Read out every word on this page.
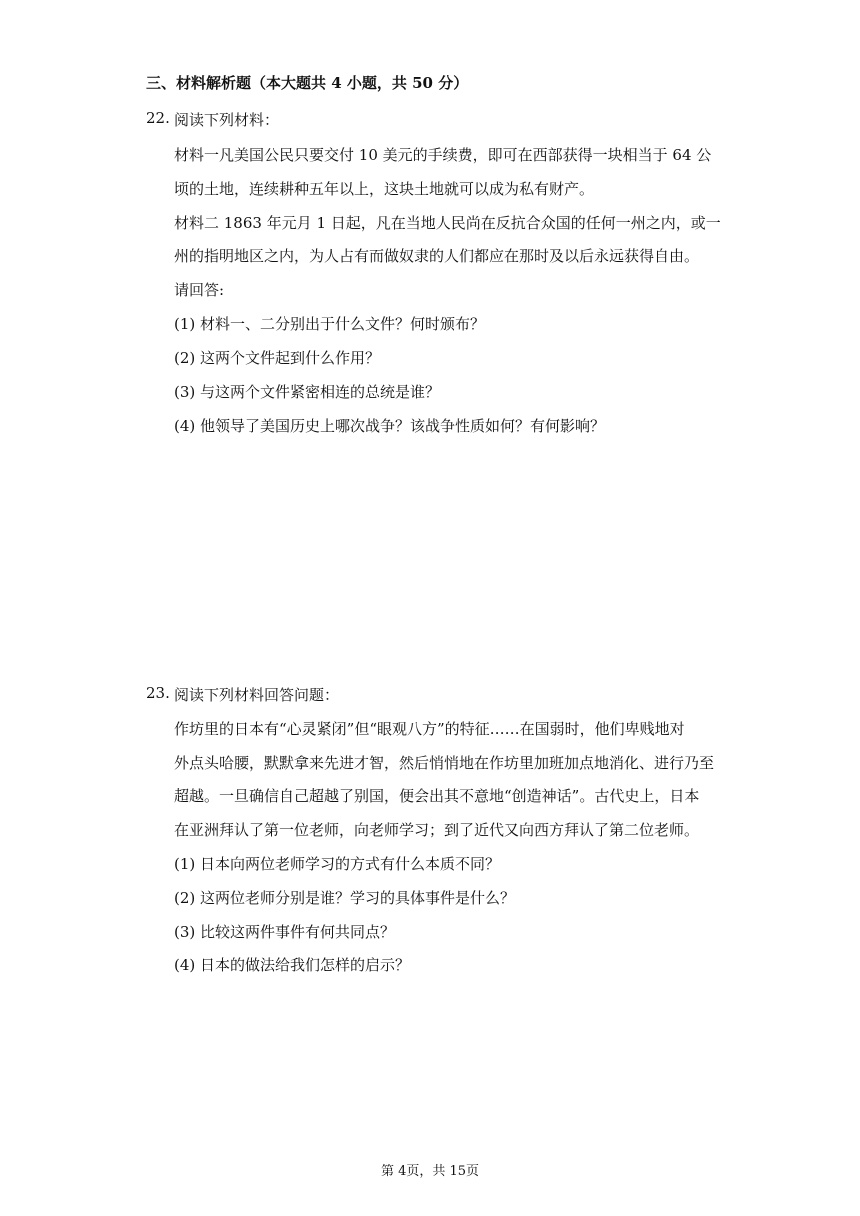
三、材料解析题（本大题共 4 小题，共 50 分）
22. 阅读下列材料：
材料一凡美国公民只要交付 10 美元的手续费，即可在西部获得一块相当于 64 公
顷的土地，连续耕种五年以上，这块土地就可以成为私有财产。
材料二 1863 年元月 1 日起，凡在当地人民尚在反抗合众国的任何一州之内，或一
州的指明地区之内，为人占有而做奴隶的人们都应在那时及以后永远获得自由。
请回答:
(1) 材料一、二分别出于什么文件？何时颁布？
(2) 这两个文件起到什么作用？
(3) 与这两个文件紧密相连的总统是谁？
(4) 他领导了美国历史上哪次战争？该战争性质如何？有何影响？
23. 阅读下列材料回答问题：
作坊里的日本有“心灵紧闭”但“眼观八方”的特征……在国弱时，他们卑贱地对
外点头哈腰，默默拿来先进才智，然后悄悄地在作坊里加班加点地消化、进行乃至
超越。一旦确信自己超越了别国，便会出其不意地“创造神话”。古代史上，日本
在亚洲拜认了第一位老师，向老师学习；到了近代又向西方拜认了第二位老师。
(1) 日本向两位老师学习的方式有什么本质不同？
(2) 这两位老师分别是谁？学习的具体事件是什么？
(3) 比较这两件事件有何共同点？
(4) 日本的做法给我们怎样的启示？
第 4页，共 15页
